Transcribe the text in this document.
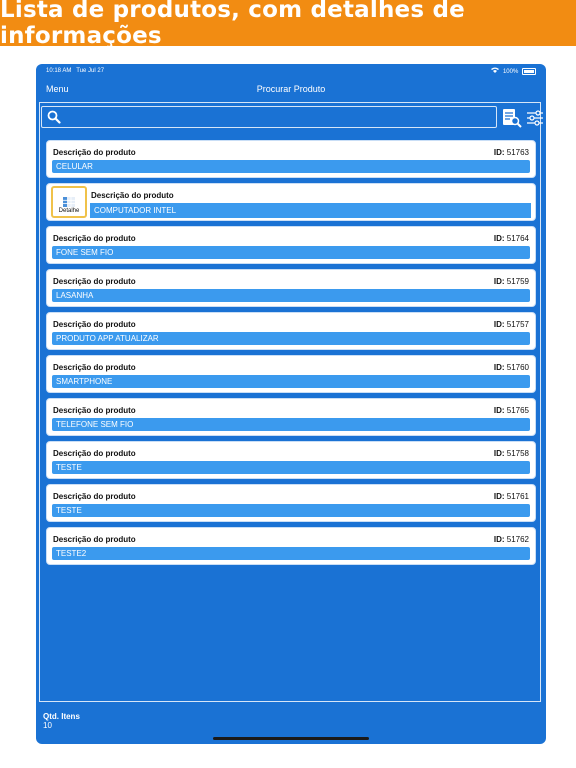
Lista de produtos, com detalhes de informações
10:18 AM Tue Jul 27	100%
Menu	Procurar Produto
Descrição do produto	ID: 51763
CELULAR
Detalhe
Descrição do produto
COMPUTADOR INTEL
Descrição do produto	ID: 51764
FONE SEM FIO
Descrição do produto	ID: 51759
LASANHA
Descrição do produto	ID: 51757
PRODUTO APP ATUALIZAR
Descrição do produto	ID: 51760
SMARTPHONE
Descrição do produto	ID: 51765
TELEFONE SEM FIO
Descrição do produto	ID: 51758
TESTE
Descrição do produto	ID: 51761
TESTE
Descrição do produto	ID: 51762
TESTE2
Qtd. Itens
10
